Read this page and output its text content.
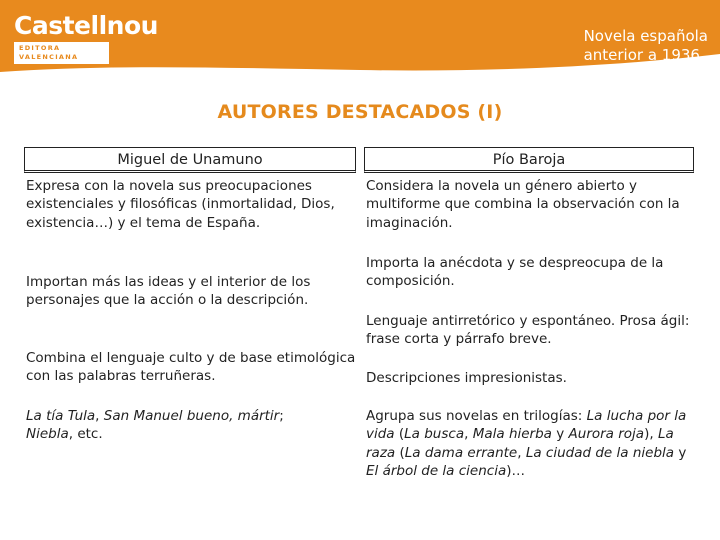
Castellnou
EDITORA VALENCIANA
Novela española
anterior a 1936
AUTORES DESTACADOS (I)
Miguel de Unamuno
Expresa con la novela sus preocupaciones existenciales y filosóficas (inmortalidad, Dios, existencia…) y el tema de España.
Importan más las ideas y el interior de los personajes que la acción o la descripción.
Combina el lenguaje culto y de base etimológica con las palabras terruñeras.
La tía Tula, San Manuel bueno, mártir;
Niebla, etc.
Pío Baroja
Considera la novela un género abierto y multiforme que combina la observación con la imaginación.
Importa la anécdota y se despreocupa de la composición.
Lenguaje antirretórico y espontáneo. Prosa ágil: frase corta y párrafo breve.
Descripciones impresionistas.
Agrupa sus novelas en trilogías: La lucha por la vida (La busca, Mala hierba y Aurora roja), La raza (La dama errante, La ciudad de la niebla y El árbol de la ciencia)…
